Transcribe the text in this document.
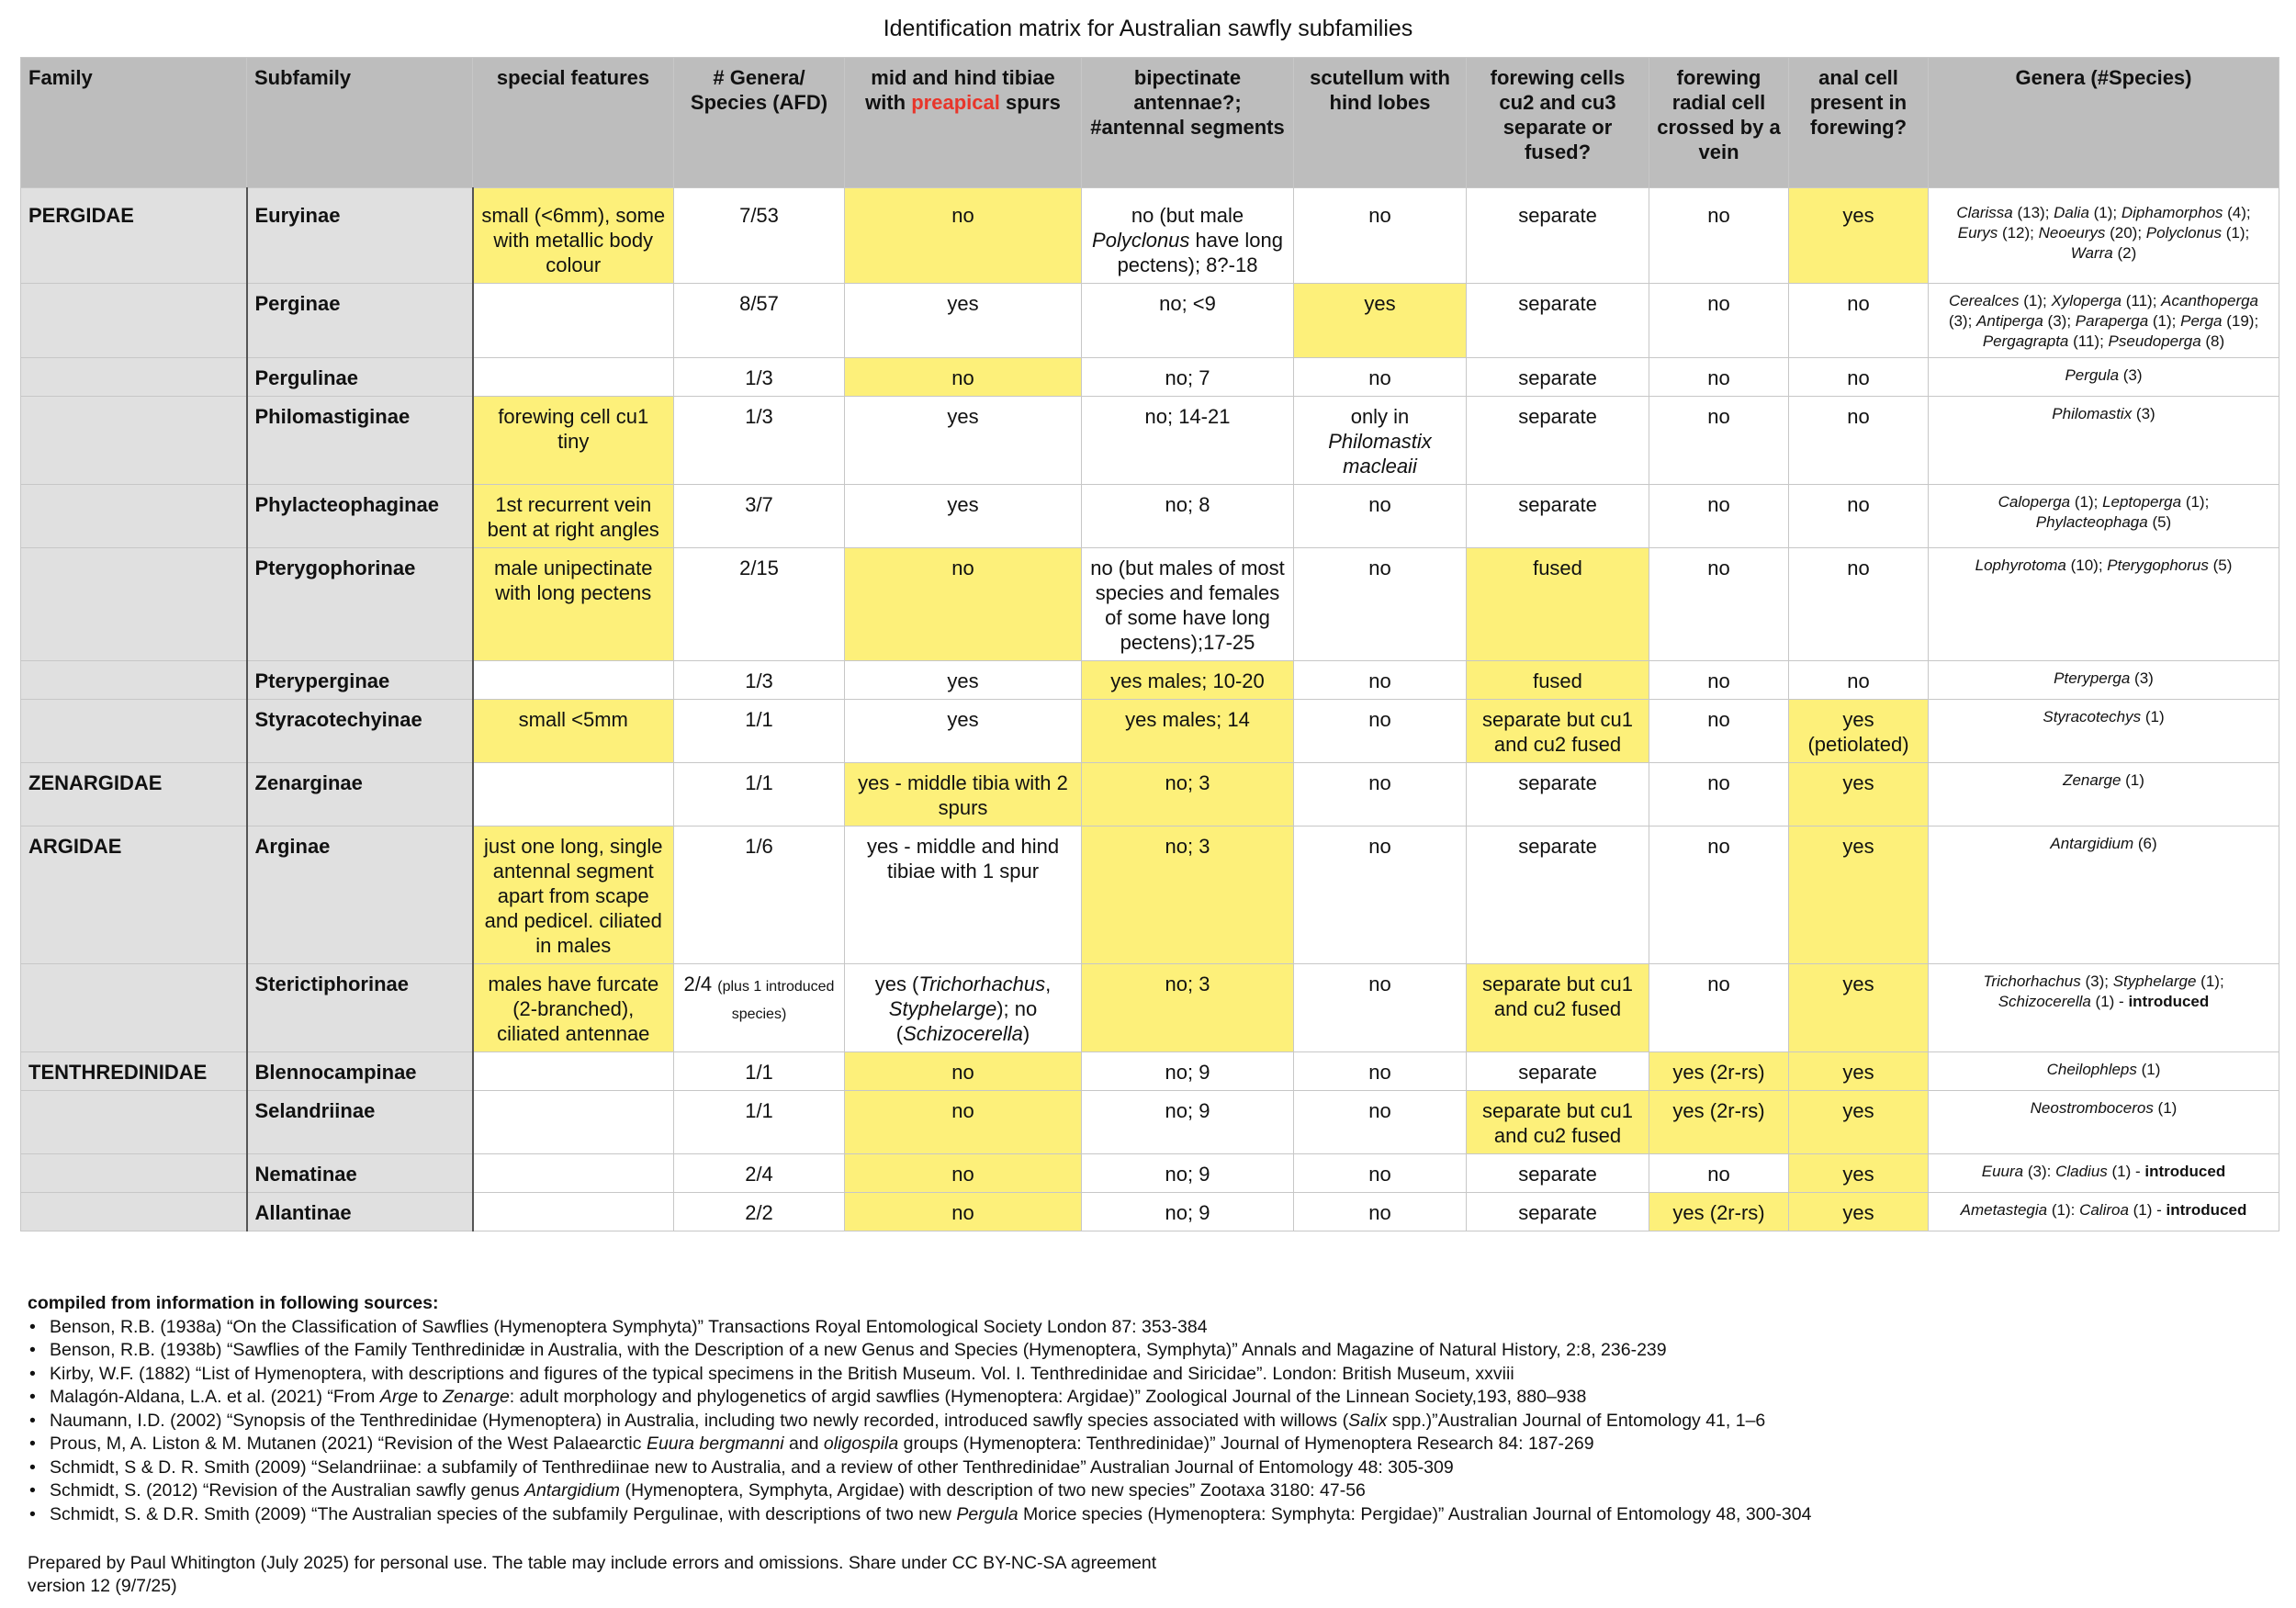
Identification matrix for Australian sawfly subfamilies
Family	Subfamily	special features	# Genera/ Species (AFD)	mid and hind tibiae with preapical spurs	bipectinate antennae?; #antennal segments	scutellum with hind lobes	forewing cells cu2 and cu3 separate or fused?	forewing radial cell crossed by a vein	anal cell present in forewing?	Genera (#Species)
PERGIDAE	Euryinae	small (<6mm), some with metallic body colour	7/53	no	no (but male Polyclonus have long pectens); 8?-18	no	separate	no	yes	Clarissa (13); Dalia (1); Diphamorphos (4); Eurys (12); Neoeurys (20); Polyclonus (1); Warra (2)
	Perginae		8/57	yes	no; <9	yes	separate	no	no	Cerealces (1); Xyloperga (11); Acanthoperga (3); Antiperga (3); Paraperga (1); Perga (19); Pergagrapta (11); Pseudoperga (8)
	Pergulinae		1/3	no	no; 7	no	separate	no	no	Pergula (3)
	Philomastiginae	forewing cell cu1 tiny	1/3	yes	no; 14-21	only in Philomastix macleaii	separate	no	no	Philomastix (3)
	Phylacteophaginae	1st recurrent vein bent at right angles	3/7	yes	no; 8	no	separate	no	no	Caloperga (1); Leptoperga (1); Phylacteophaga (5)
	Pterygophorinae	male unipectinate with long pectens	2/15	no	no (but males of most species and females of some have long pectens);17-25	no	fused	no	no	Lophyrotoma (10); Pterygophorus (5)
	Pteryperginae		1/3	yes	yes males; 10-20	no	fused	no	no	Pteryperga (3)
	Styracotechyinae	small <5mm	1/1	yes	yes males; 14	no	separate but cu1 and cu2 fused	no	yes (petiolated)	Styracotechys (1)
ZENARGIDAE	Zenarginae		1/1	yes - middle tibia with 2 spurs	no; 3	no	separate	no	yes	Zenarge (1)
ARGIDAE	Arginae	just one long, single antennal segment apart from scape and pedicel. ciliated in males	1/6	yes - middle and hind tibiae with 1 spur	no; 3	no	separate	no	yes	Antargidium (6)
	Sterictiphorinae	males have furcate (2-branched), ciliated antennae	2/4 (plus 1 introduced species)	yes (Trichorhachus, Styphelarge); no (Schizocerella)	no; 3	no	separate but cu1 and cu2 fused	no	yes	Trichorhachus (3); Styphelarge (1); Schizocerella (1) - introduced
TENTHREDINIDAE	Blennocampinae		1/1	no	no; 9	no	separate	yes (2r-rs)	yes	Cheilophleps (1)
	Selandriinae		1/1	no	no; 9	no	separate but cu1 and cu2 fused	yes (2r-rs)	yes	Neostromboceros (1)
	Nematinae		2/4	no	no; 9	no	separate	no	yes	Euura (3): Cladius (1) - introduced
	Allantinae		2/2	no	no; 9	no	separate	yes (2r-rs)	yes	Ametastegia (1): Caliroa (1) - introduced
compiled from information in following sources:
• Benson, R.B. (1938a) “On the Classification of Sawflies (Hymenoptera Symphyta)” Transactions Royal Entomological Society London 87: 353-384
• Benson, R.B. (1938b) “Sawflies of the Family Tenthredinidæ in Australia, with the Description of a new Genus and Species (Hymenoptera, Symphyta)” Annals and Magazine of Natural History, 2:8, 236-239
• Kirby, W.F. (1882) “List of Hymenoptera, with descriptions and figures of the typical specimens in the British Museum. Vol. I. Tenthredinidae and Siricidae”. London: British Museum, xxviii
• Malagón-Aldana, L.A. et al. (2021) “From Arge to Zenarge: adult morphology and phylogenetics of argid sawflies (Hymenoptera: Argidae)” Zoological Journal of the Linnean Society,193, 880–938
• Naumann, I.D. (2002) “Synopsis of the Tenthredinidae (Hymenoptera) in Australia, including two newly recorded, introduced sawfly species associated with willows (Salix spp.)”Australian Journal of Entomology 41, 1–6
• Prous, M, A. Liston & M. Mutanen (2021) “Revision of the West Palaearctic Euura bergmanni and oligospila groups (Hymenoptera: Tenthredinidae)” Journal of Hymenoptera Research 84: 187-269
• Schmidt, S & D. R. Smith (2009) “Selandriinae: a subfamily of Tenthrediinae new to Australia, and a review of other Tenthredinidae” Australian Journal of Entomology 48: 305-309
• Schmidt, S. (2012) “Revision of the Australian sawfly genus Antargidium (Hymenoptera, Symphyta, Argidae) with description of two new species” Zootaxa 3180: 47-56
• Schmidt, S. & D.R. Smith (2009) “The Australian species of the subfamily Pergulinae, with descriptions of two new Pergula Morice species (Hymenoptera: Symphyta: Pergidae)” Australian Journal of Entomology 48, 300-304
Prepared by Paul Whitington (July 2025) for personal use. The table may include errors and omissions. Share under CC BY-NC-SA agreement
version 12 (9/7/25)
